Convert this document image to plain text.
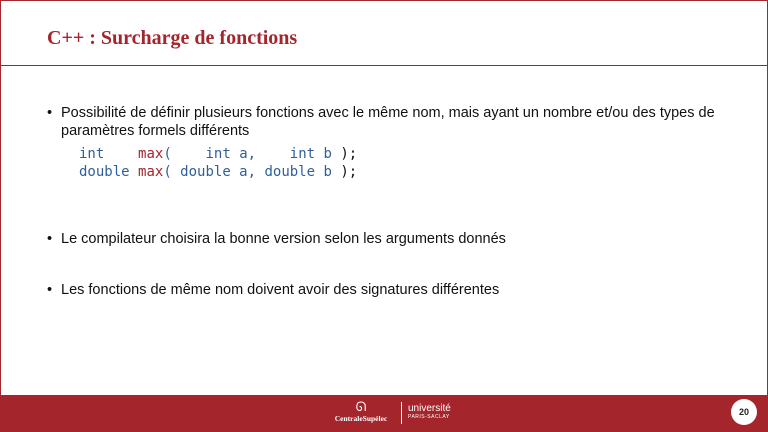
C++ : Surcharge de fonctions
• Possibilité de définir plusieurs fonctions avec le même nom, mais ayant un nombre et/ou des types de paramètres formels différents
int max(    int a,    int b );
double max( double a, double b );
• Le compilateur choisira la bonne version selon les arguments donnés
• Les fonctions de même nom doivent avoir des signatures différentes
ᘏ
CentraleSupélec
université
PARIS-SACLAY	20
